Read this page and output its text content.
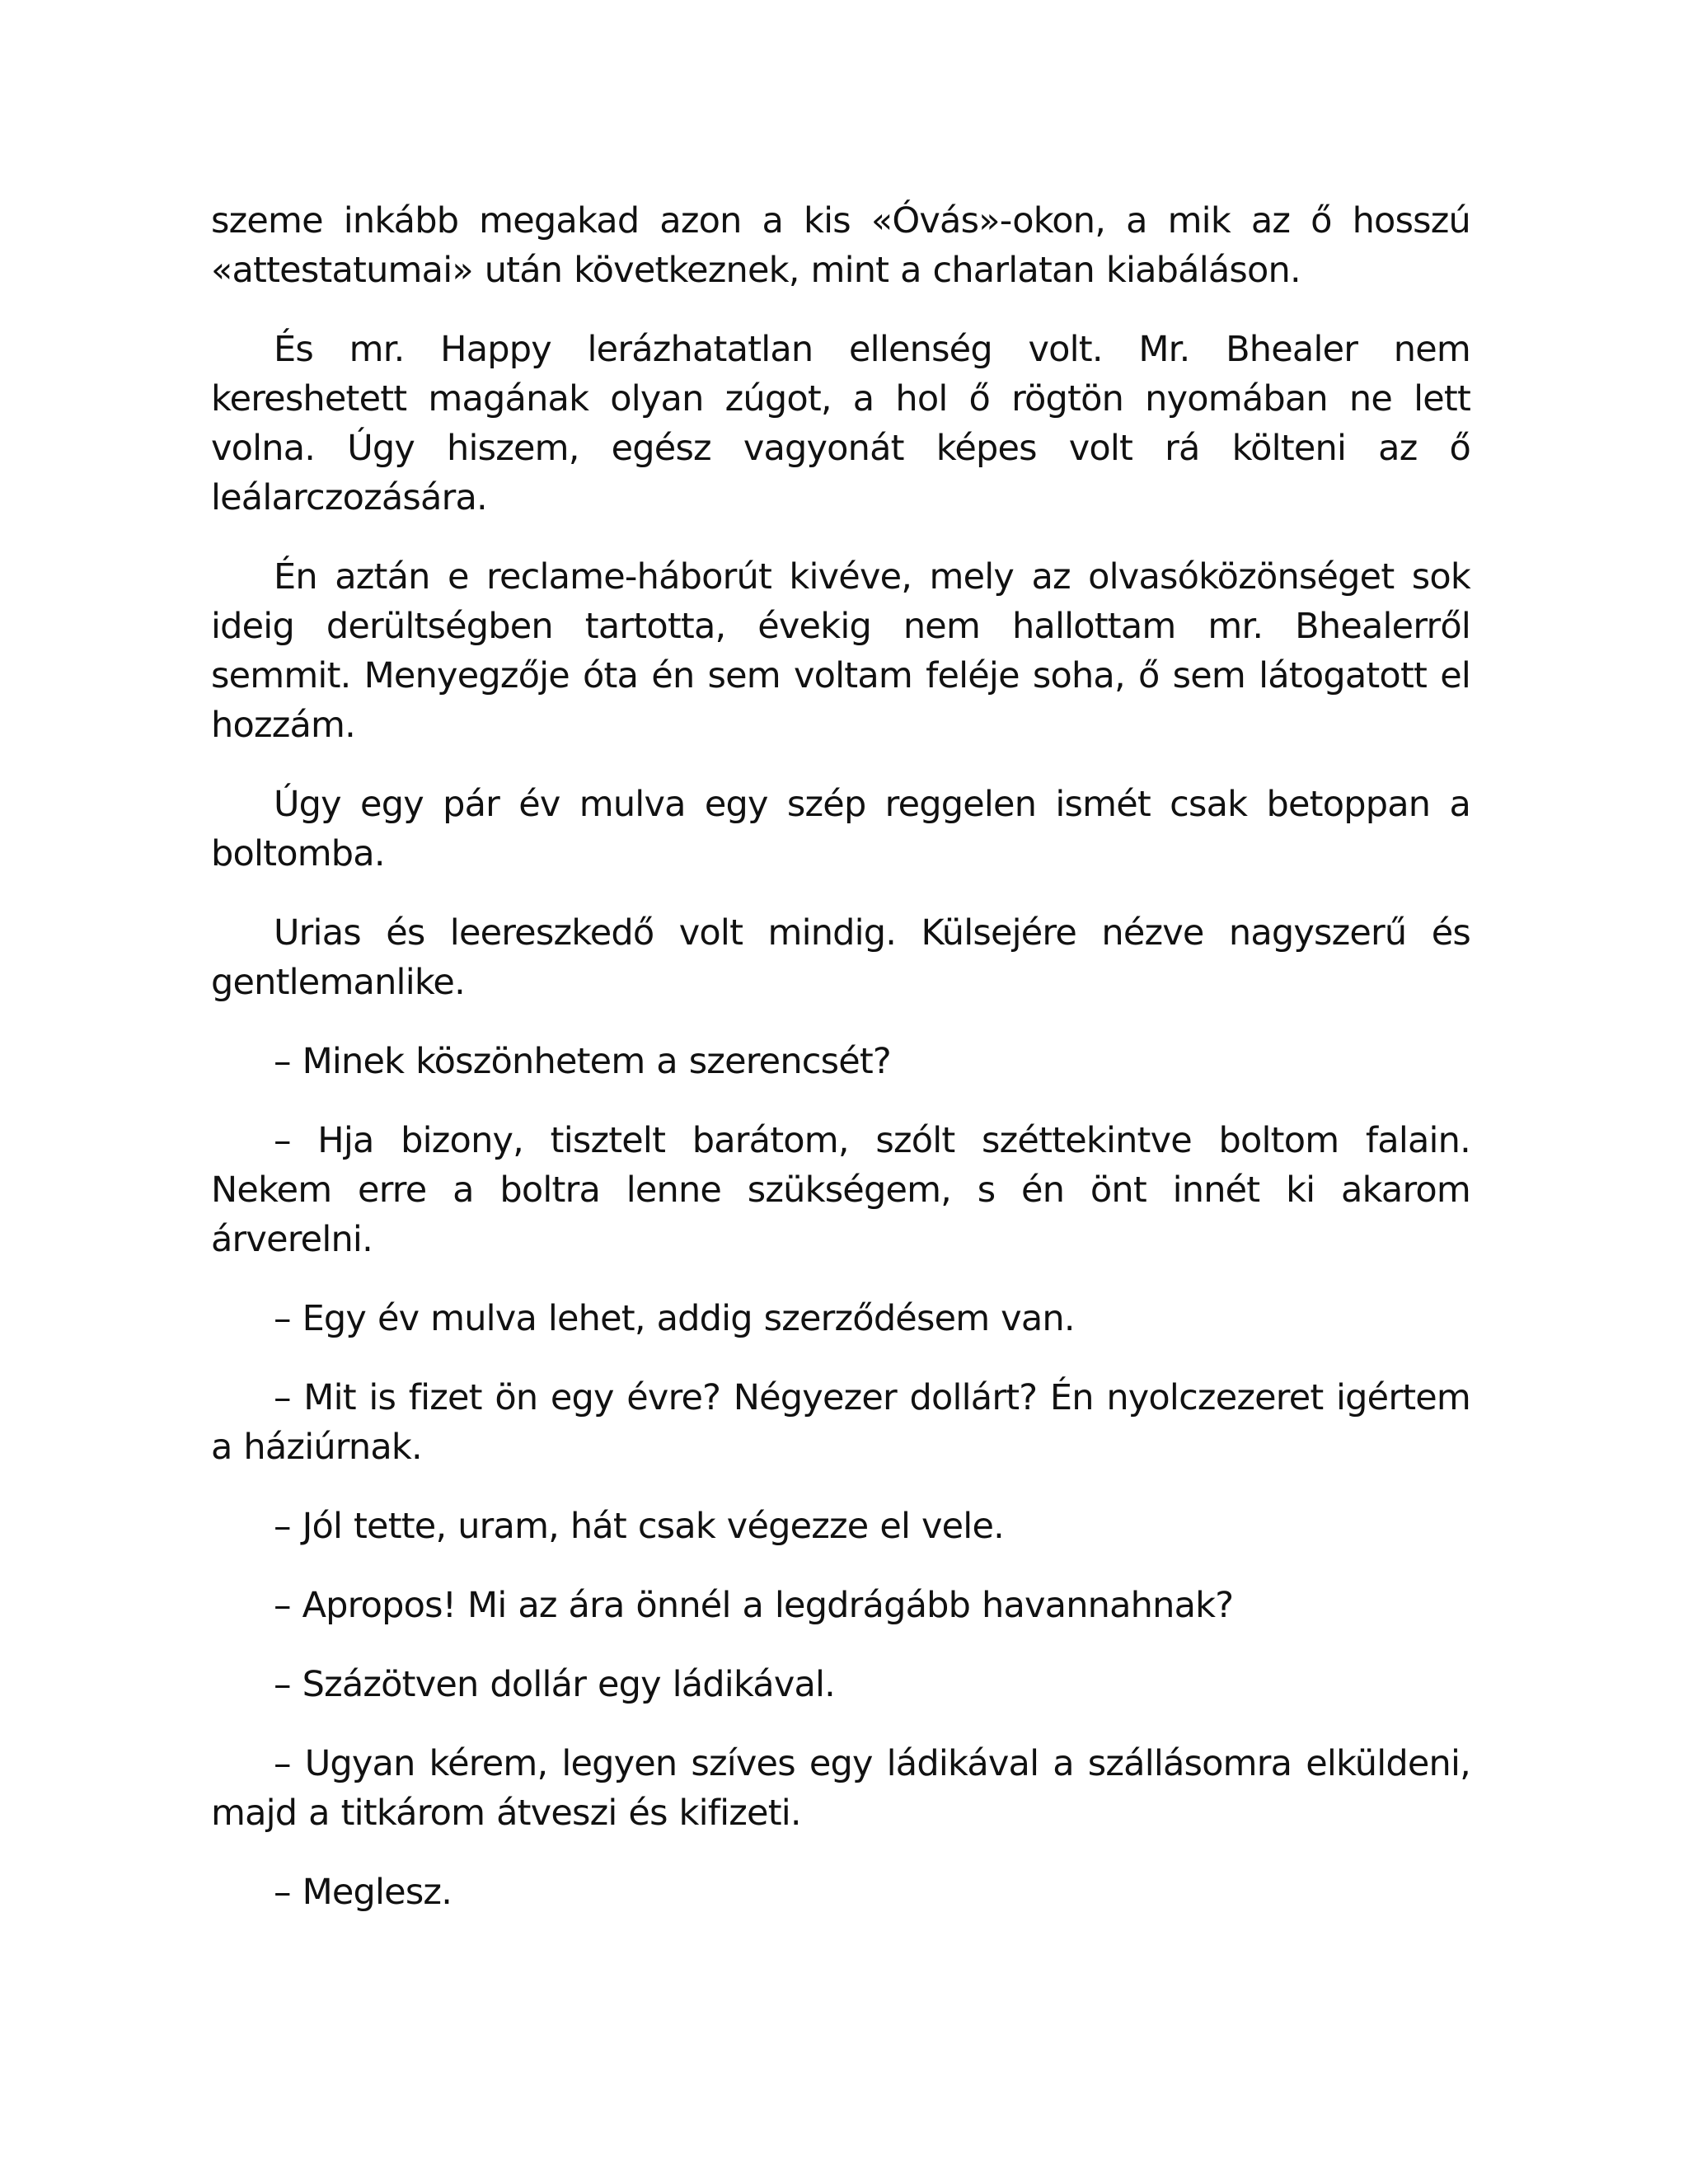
szeme inkább megakad azon a kis «Óvás»-okon, a mik az ő hosszú «attestatumai» után következnek, mint a charlatan kiabáláson.

És mr. Happy lerázhatatlan ellenség volt. Mr. Bhealer nem kereshetett magának olyan zúgot, a hol ő rögtön nyomában ne lett volna. Úgy hiszem, egész vagyonát képes volt rá költeni az ő leálarczozására.

Én aztán e reclame-háborút kivéve, mely az olvasóközönséget sok ideig derültségben tartotta, évekig nem hallottam mr. Bhealerről semmit. Menyegzője óta én sem voltam feléje soha, ő sem látogatott el hozzám.

Úgy egy pár év mulva egy szép reggelen ismét csak betoppan a boltomba.

Urias és leereszkedő volt mindig. Külsejére nézve nagyszerű és gentlemanlike.

– Minek köszönhetem a szerencsét?

– Hja bizony, tisztelt barátom, szólt széttekintve boltom falain. Nekem erre a boltra lenne szükségem, s én önt innét ki akarom árverelni.

– Egy év mulva lehet, addig szerződésem van.

– Mit is fizet ön egy évre? Négyezer dollárt? Én nyolczezeret igértem a háziúrnak.

– Jól tette, uram, hát csak végezze el vele.

– Apropos! Mi az ára önnél a legdrágább havannahnak?

– Százötven dollár egy ládikával.

– Ugyan kérem, legyen szíves egy ládikával a szállásomra elküldeni, majd a titkárom átveszi és kifizeti.

– Meglesz.
